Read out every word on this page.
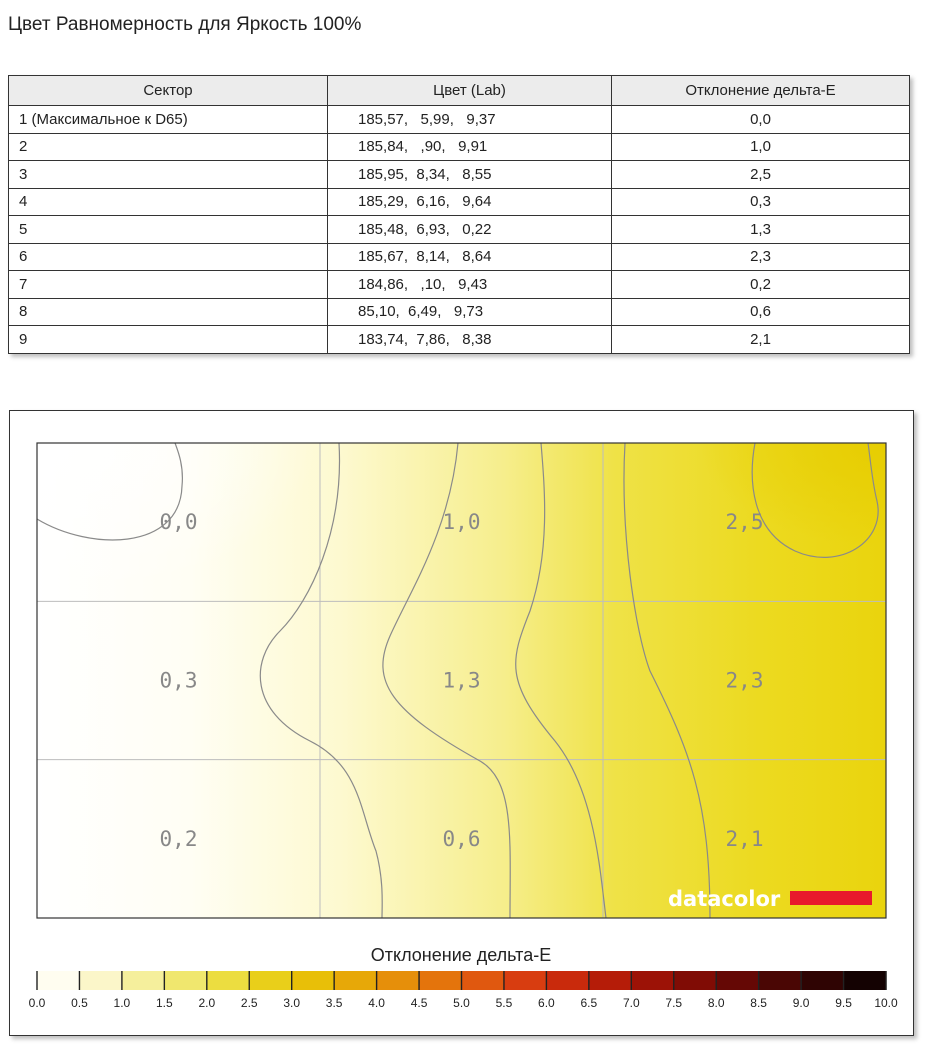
Цвет Равномерность для Яркость 100%
Сектор	Цвет (Lab)	Отклонение дельта-E
1 (Максимальное к D65)	185,57,   5,99,   9,37	0,0
2	185,84,   ,90,   9,91	1,0
3	185,95,  8,34,   8,55	2,5
4	185,29,  6,16,   9,64	0,3
5	185,48,  6,93,   0,22	1,3
6	185,67,  8,14,   8,64	2,3
7	184,86,   ,10,   9,43	0,2
8	85,10,  6,49,   9,73	0,6
9	183,74,  7,86,   8,38	2,1
0,0	1,0	2,5
0,3	1,3	2,3
0,2	0,6	2,1
datacolor
Отклонение дельта-E
0.0 0.5 1.0 1.5 2.0 2.5 3.0 3.5 4.0 4.5 5.0 5.5 6.0 6.5 7.0 7.5 8.0 8.5 9.0 9.5 10.0
